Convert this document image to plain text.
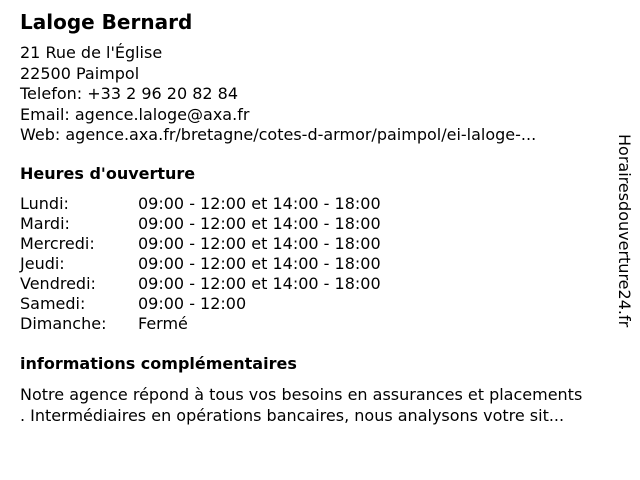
Laloge Bernard
21 Rue de l'Église
22500 Paimpol
Telefon: +33 2 96 20 82 84
Email: agence.laloge@axa.fr
Web: agence.axa.fr/bretagne/cotes-d-armor/paimpol/ei-laloge-...
Heures d'ouverture
Lundi:	09:00 - 12:00 et 14:00 - 18:00
Mardi:	09:00 - 12:00 et 14:00 - 18:00
Mercredi:	09:00 - 12:00 et 14:00 - 18:00
Jeudi:	09:00 - 12:00 et 14:00 - 18:00
Vendredi:	09:00 - 12:00 et 14:00 - 18:00
Samedi:	09:00 - 12:00
Dimanche:	Fermé
informations complémentaires
Notre agence répond à tous vos besoins en assurances et placements
. Intermédiaires en opérations bancaires, nous analysons votre sit...
Horairesdouverture24.fr
